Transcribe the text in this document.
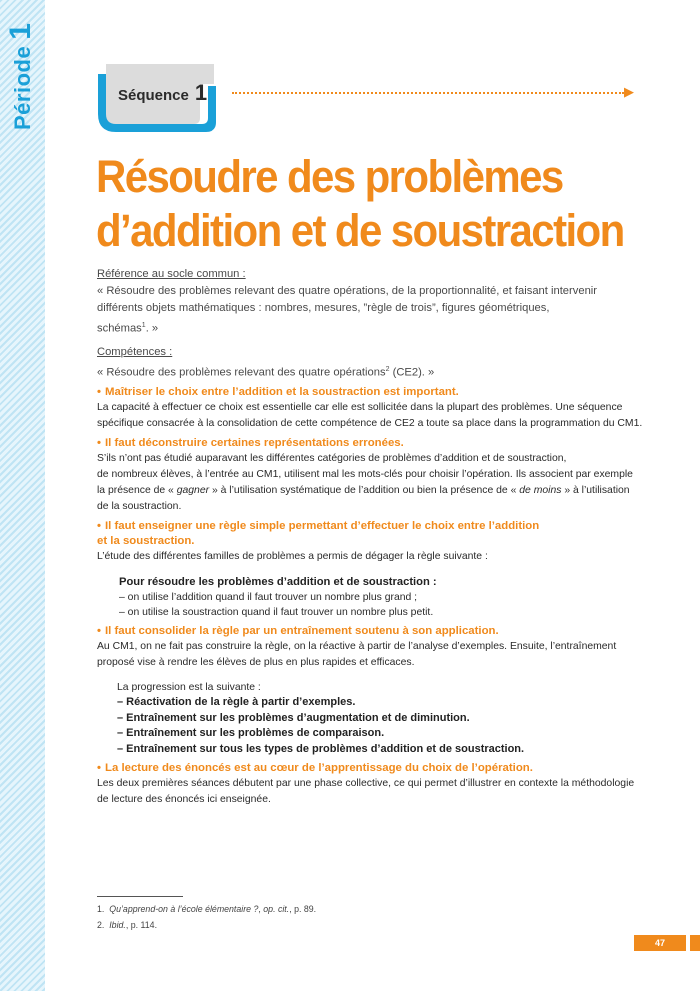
Période1
Séquence 1	▶
Résoudre des problèmes
d’addition et de soustraction
Référence au socle commun :
« Résoudre des problèmes relevant des quatre opérations, de la proportionnalité, et faisant intervenir
différents objets mathématiques : nombres, mesures, ”règle de trois”, figures géométriques,
schémas$^1$. »
Compétences :
« Résoudre des problèmes relevant des quatre opérations$^2$ (CE2). »

• Maîtriser le choix entre l’addition et la soustraction est important.

La capacité à effectuer ce choix est essentielle car elle est sollicitée dans la plupart des problèmes. Une séquence

spécifique consacrée à la consolidation de cette compétence de CE2 a toute sa place dans la programmation du CM1.

• Il faut déconstruire certaines représentations erronées.

S’ils n’ont pas étudié auparavant les différentes catégories de problèmes d’addition et de soustraction,

de nombreux élèves, à l’entrée au CM1, utilisent mal les mots-clés pour choisir l’opération. Ils associent par exemple

la présence de « gagner » à l’utilisation systématique de l’addition ou bien la présence de « de moins » à l’utilisation

de la soustraction.

• Il faut enseigner une règle simple permettant d’effectuer le choix entre l’addition

et la soustraction.

L’étude des différentes familles de problèmes a permis de dégager la règle suivante :

Pour résoudre les problèmes d’addition et de soustraction :
– on utilise l’addition quand il faut trouver un nombre plus grand ;
– on utilise la soustraction quand il faut trouver un nombre plus petit.

• Il faut consolider la règle par un entraînement soutenu à son application.

Au CM1, on ne fait pas construire la règle, on la réactive à partir de l’analyse d’exemples. Ensuite, l’entraînement

proposé vise à rendre les élèves de plus en plus rapides et efficaces.

La progression est la suivante :
– Réactivation de la règle à partir d’exemples.
– Entraînement sur les problèmes d’augmentation et de diminution.
– Entraînement sur les problèmes de comparaison.
– Entraînement sur tous les types de problèmes d’addition et de soustraction.

• La lecture des énoncés est au cœur de l’apprentissage du choix de l’opération.

Les deux premières séances débutent par une phase collective, ce qui permet d’illustrer en contexte la méthodologie

de lecture des énoncés ici enseignée.

1. Qu’apprend-on à l’école élémentaire ?, op. cit., p. 89.
2. Ibid., p. 114.
47
